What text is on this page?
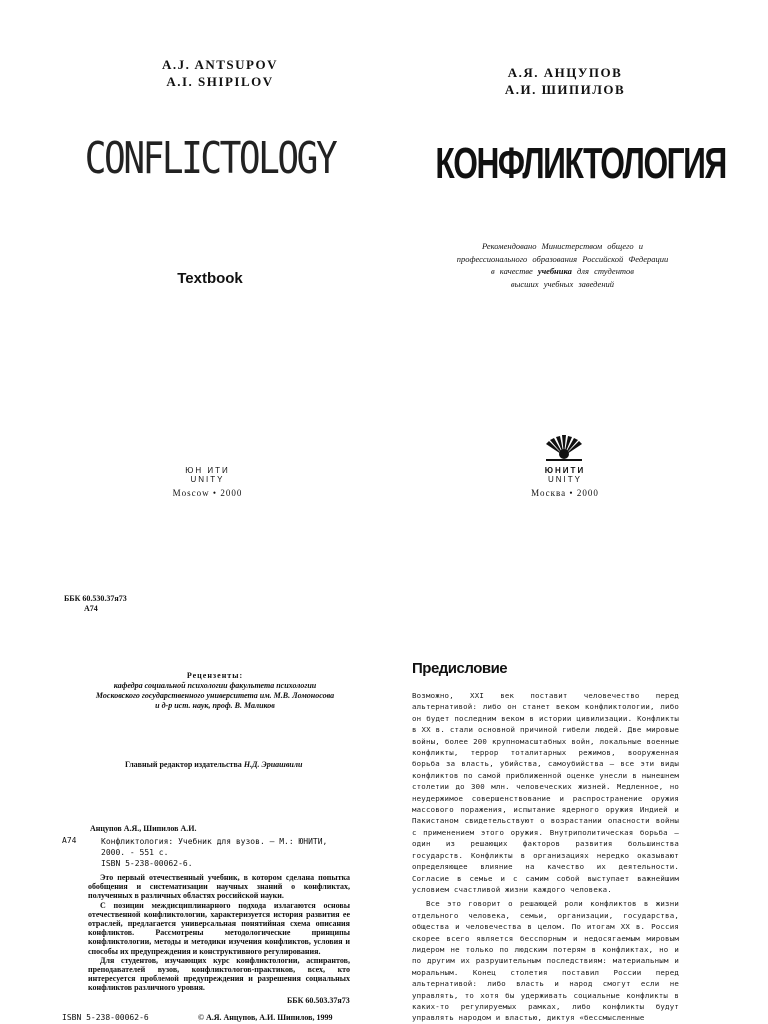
A.J. ANTSUPOV
A.I. SHIPILOV
CONFLICTOLOGY
Textbook
ЮН ИТИ
UNITY
Moscow • 2000
А.Я. АНЦУПОВ
А.И. ШИПИЛОВ
КОНФЛИКТОЛОГИЯ
Рекомендовано Министерством общего и
профессионального образования Российской Федерации
в качестве учебника для студентов
высших учебных заведений
ЮНИТИ
UNITY
Москва • 2000
ББК 60.530.37я73
А74
Рецензенты:
кафедра социальной психологии факультета психологии
Московского государственного университета им. М.В. Ломоносова
и д-р ист. наук, проф. В. Маликов
Главный редактор издательства Н.Д. Эриашвили
Анцупов А.Я., Шипилов А.И.
А74	Конфликтология: Учебник для вузов. — М.: ЮНИТИ,
2000. - 551 с.
ISBN 5-238-00062-6.

Это первый отечественный учебник, в котором сделана попытка обобщения и систематизации научных знаний о конфликтах, полученных в различных областях российской науки.

С позиции междисциплинарного подхода излагаются основы отечественной конфликтологии, характеризуется история развития ее отраслей, предлагается универсальная понятийная схема описания конфликтов. Рассмотрены методологические принципы конфликтологии, методы и методики изучения конфликтов, условия и способы их предупреждения и конструктивного регулирования.

Для студентов, изучающих курс конфликтологии, аспирантов, преподавателей вузов, конфликтологов-практиков, всех, кто интересуется проблемой предупреждения и разрешения социальных конфликтов различного уровня.

ББК 60.503.37я73
ISBN 5-238-00062-6	© А.Я. Анцупов, А.И. Шипилов, 1999
Предисловие

Возможно, XXI век поставит человечество перед альтернативой: либо он станет веком конфликтологии, либо он будет последним веком в истории цивилизации. Конфликты в XX в. стали основной причиной гибели людей. Две мировые войны, более 200 крупномасштабных войн, локальные военные конфликты, террор тоталитарных режимов, вооруженная борьба за власть, убийства, самоубийства — все эти виды конфликтов по самой приближенной оценке унесли в нынешнем столетии до 300 млн. человеческих жизней. Медленное, но неудержимое совершенствование и распространение оружия массового поражения, испытание ядерного оружия Индией и Пакистаном свидетельствуют о возрастании опасности войны с применением этого оружия. Внутриполитическая борьба — один из решающих факторов развития большинства государств. Конфликты в организациях нередко оказывают определяющее влияние на качество их деятельности. Согласие в семье и с самим собой выступает важнейшим условием счастливой жизни каждого человека.

Все это говорит о решающей роли конфликтов в жизни отдельного человека, семьи, организации, государства, общества и человечества в целом. По итогам XX в. Россия скорее всего является бесспорным и недосягаемым мировым лидером не только по людским потерям в конфликтах, но и по другим их разрушительным последствиям: материальным и моральным. Конец столетия поставил России перед альтернативой: либо власть и народ смогут если не управлять, то хотя бы удерживать социальные конфликты в каких-то регулируемых рамках, либо конфликты будут управлять народом и властью, диктуя «бессмысленные
